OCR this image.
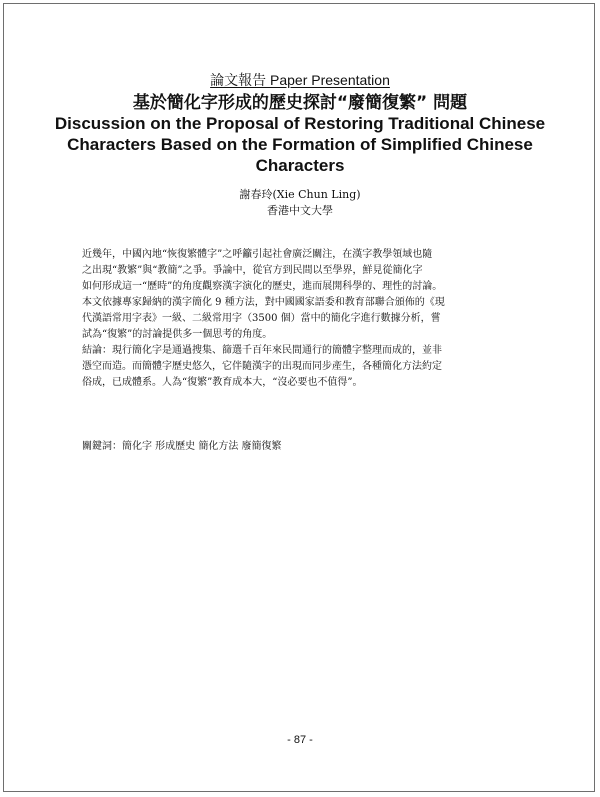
論文報告 Paper Presentation
基於簡化字形成的歷史探討“廢簡復繁” 問題
Discussion on the Proposal of Restoring Traditional Chinese
Characters Based on the Formation of Simplified Chinese
Characters
謝春玲(Xie Chun Ling)
香港中文大學
近幾年，中國內地“恢復繁體字”之呼籲引起社會廣泛關注，在漢字教學領域也隨
之出現“教繁”與“教簡”之爭。爭論中，從官方到民間以至學界，鮮見從簡化字
如何形成這一“歷時”的角度觀察漢字演化的歷史，進而展開科學的、理性的討論。
本文依據專家歸納的漢字簡化 9 種方法，對中國國家語委和教育部聯合頒佈的《現
代漢語常用字表》一級、二級常用字（3500 個）當中的簡化字進行數據分析，嘗
試為“復繁”的討論提供多一個思考的角度。
結論：現行簡化字是通過搜集、篩選千百年來民間通行的簡體字整理而成的，並非
憑空而造。而簡體字歷史悠久，它伴隨漢字的出現而同步產生，各種簡化方法約定
俗成，已成體系。人為“復繁”教育成本大，“沒必要也不值得”。
關鍵詞：簡化字 形成歷史 簡化方法 廢簡復繁
- 87 -
